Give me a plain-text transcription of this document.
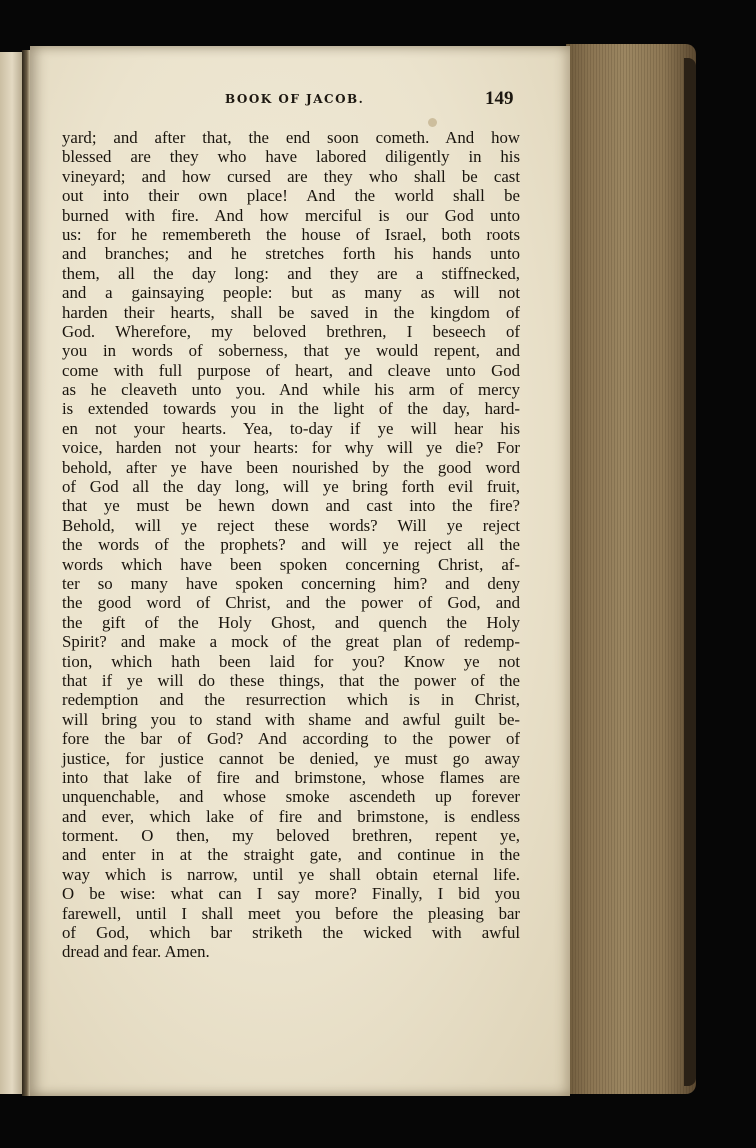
BOOK OF JACOB.	149
yard; and after that, the end soon cometh. And how
blessed are they who have labored diligently in his
vineyard; and how cursed are they who shall be cast
out into their own place! And the world shall be
burned with fire. And how merciful is our God unto
us: for he remembereth the house of Israel, both roots
and branches; and he stretches forth his hands unto
them, all the day long: and they are a stiffnecked,
and a gainsaying people: but as many as will not
harden their hearts, shall be saved in the kingdom of
God. Wherefore, my beloved brethren, I beseech of
you in words of soberness, that ye would repent, and
come with full purpose of heart, and cleave unto God
as he cleaveth unto you. And while his arm of mercy
is extended towards you in the light of the day, hard-
en not your hearts. Yea, to-day if ye will hear his
voice, harden not your hearts: for why will ye die? For
behold, after ye have been nourished by the good word
of God all the day long, will ye bring forth evil fruit,
that ye must be hewn down and cast into the fire?
Behold, will ye reject these words? Will ye reject
the words of the prophets? and will ye reject all the
words which have been spoken concerning Christ, af-
ter so many have spoken concerning him? and deny
the good word of Christ, and the power of God, and
the gift of the Holy Ghost, and quench the Holy
Spirit? and make a mock of the great plan of redemp-
tion, which hath been laid for you? Know ye not
that if ye will do these things, that the power of the
redemption and the resurrection which is in Christ,
will bring you to stand with shame and awful guilt be-
fore the bar of God? And according to the power of
justice, for justice cannot be denied, ye must go away
into that lake of fire and brimstone, whose flames are
unquenchable, and whose smoke ascendeth up forever
and ever, which lake of fire and brimstone, is endless
torment. O then, my beloved brethren, repent ye,
and enter in at the straight gate, and continue in the
way which is narrow, until ye shall obtain eternal life.
O be wise: what can I say more? Finally, I bid you
farewell, until I shall meet you before the pleasing bar
of God, which bar striketh the wicked with awful
dread and fear. Amen.
